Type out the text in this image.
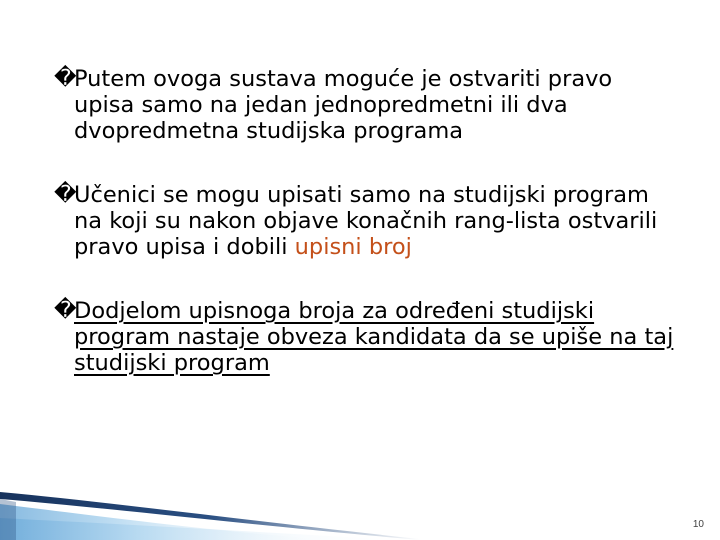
�
Putem ovoga sustava moguće je ostvariti pravo upisa samo na jedan jednopredmetni ili dva dvopredmetna studijska programa
�
Učenici se mogu upisati samo na studijski program na koji su nakon objave konačnih rang-lista ostvarili pravo upisa i dobili upisni broj
�
Dodjelom upisnoga broja za određeni studijski program nastaje obveza kandidata da se upiše na taj studijski program
10
